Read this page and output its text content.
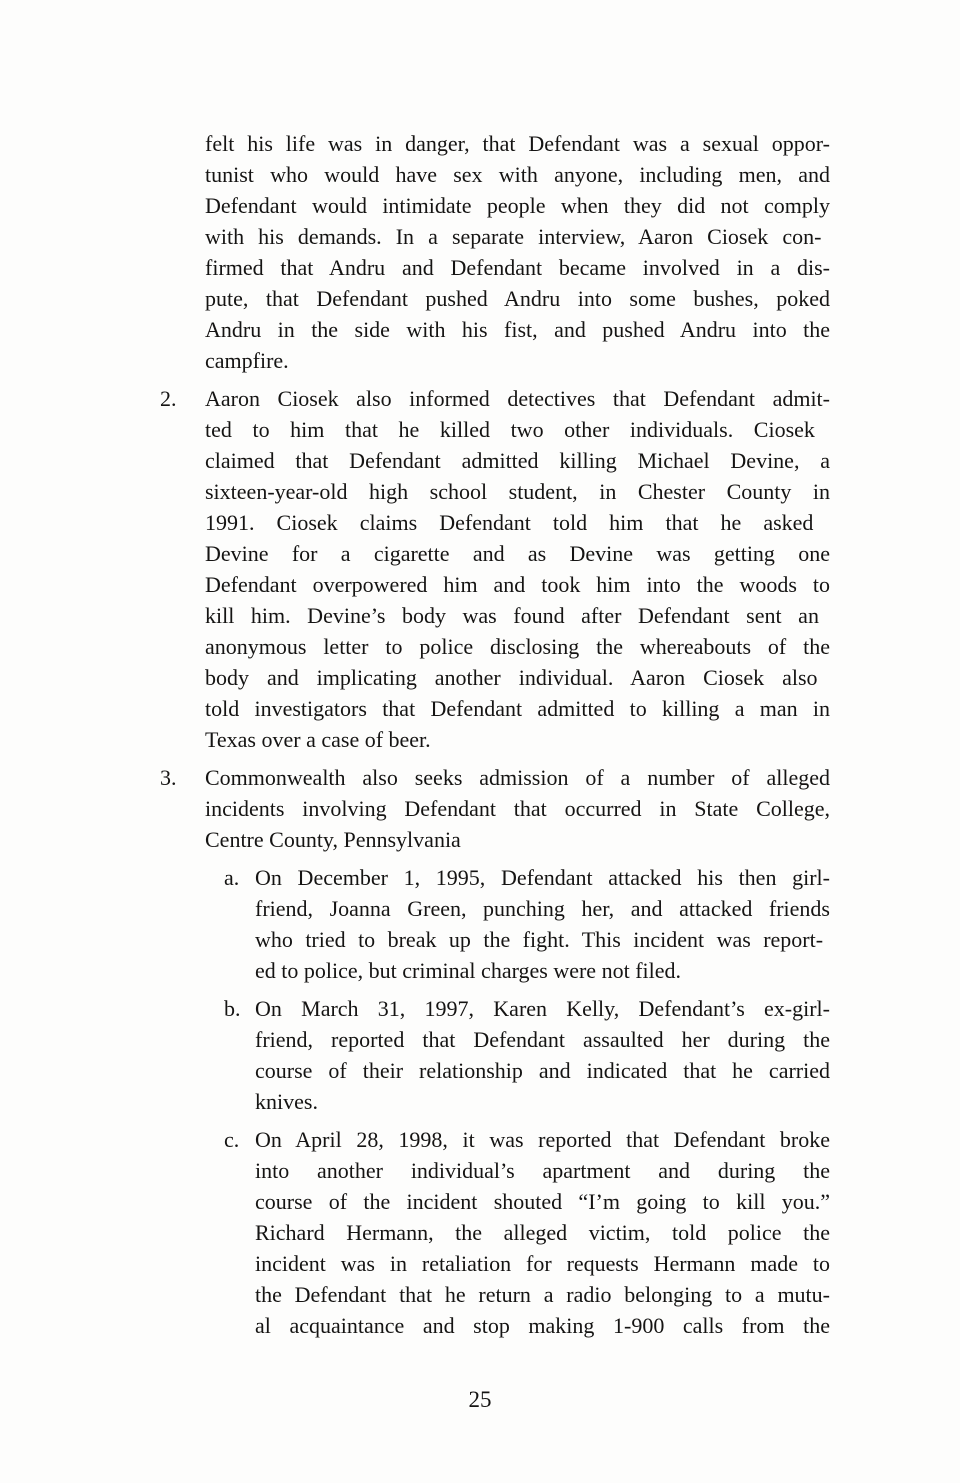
felt his life was in danger, that Defendant was a sexual oppor-
tunist who would have sex with anyone, including men, and
Defendant would intimidate people when they did not comply
with his demands. In a separate interview, Aaron Ciosek con-
firmed that Andru and Defendant became involved in a dis-
pute, that Defendant pushed Andru into some bushes, poked
Andru in the side with his fist, and pushed Andru into the
campfire.
2. Aaron Ciosek also informed detectives that Defendant admit-
ted to him that he killed two other individuals. Ciosek
claimed that Defendant admitted killing Michael Devine, a
sixteen-year-old high school student, in Chester County in
1991. Ciosek claims Defendant told him that he asked
Devine for a cigarette and as Devine was getting one
Defendant overpowered him and took him into the woods to
kill him. Devine’s body was found after Defendant sent an
anonymous letter to police disclosing the whereabouts of the
body and implicating another individual. Aaron Ciosek also
told investigators that Defendant admitted to killing a man in
Texas over a case of beer.
3. Commonwealth also seeks admission of a number of alleged
incidents involving Defendant that occurred in State College,
Centre County, Pennsylvania
a. On December 1, 1995, Defendant attacked his then girl-
friend, Joanna Green, punching her, and attacked friends
who tried to break up the fight. This incident was report-
ed to police, but criminal charges were not filed.
b. On March 31, 1997, Karen Kelly, Defendant’s ex-girl-
friend, reported that Defendant assaulted her during the
course of their relationship and indicated that he carried
knives.
c. On April 28, 1998, it was reported that Defendant broke
into another individual’s apartment and during the
course of the incident shouted “I’m going to kill you.”
Richard Hermann, the alleged victim, told police the
incident was in retaliation for requests Hermann made to
the Defendant that he return a radio belonging to a mutu-
al acquaintance and stop making 1-900 calls from the
25
